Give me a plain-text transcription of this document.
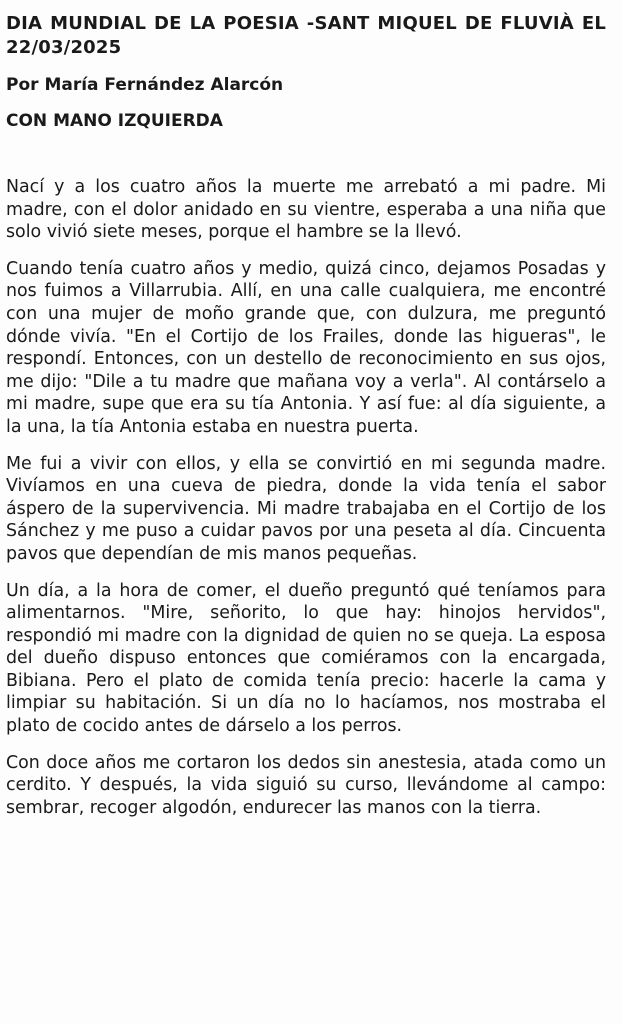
DIA MUNDIAL DE LA POESIA -SANT MIQUEL DE FLUVIÀ EL 22/03/2025

Por María Fernández Alarcón

CON MANO IZQUIERDA

Nací y a los cuatro años la muerte me arrebató a mi padre. Mi madre, con el dolor anidado en su vientre, esperaba a una niña que solo vivió siete meses, porque el hambre se la llevó.

Cuando tenía cuatro años y medio, quizá cinco, dejamos Posadas y nos fuimos a Villarrubia. Allí, en una calle cualquiera, me encontré con una mujer de moño grande que, con dulzura, me preguntó dónde vivía. "En el Cortijo de los Frailes, donde las higueras", le respondí. Entonces, con un destello de reconocimiento en sus ojos, me dijo: "Dile a tu madre que mañana voy a verla". Al contárselo a mi madre, supe que era su tía Antonia. Y así fue: al día siguiente, a la una, la tía Antonia estaba en nuestra puerta.

Me fui a vivir con ellos, y ella se convirtió en mi segunda madre. Vivíamos en una cueva de piedra, donde la vida tenía el sabor áspero de la supervivencia. Mi madre trabajaba en el Cortijo de los Sánchez y me puso a cuidar pavos por una peseta al día. Cincuenta pavos que dependían de mis manos pequeñas.

Un día, a la hora de comer, el dueño preguntó qué teníamos para alimentarnos. "Mire, señorito, lo que hay: hinojos hervidos", respondió mi madre con la dignidad de quien no se queja. La esposa del dueño dispuso entonces que comiéramos con la encargada, Bibiana. Pero el plato de comida tenía precio: hacerle la cama y limpiar su habitación. Si un día no lo hacíamos, nos mostraba el plato de cocido antes de dárselo a los perros.

Con doce años me cortaron los dedos sin anestesia, atada como un cerdito. Y después, la vida siguió su curso, llevándome al campo: sembrar, recoger algodón, endurecer las manos con la tierra.
